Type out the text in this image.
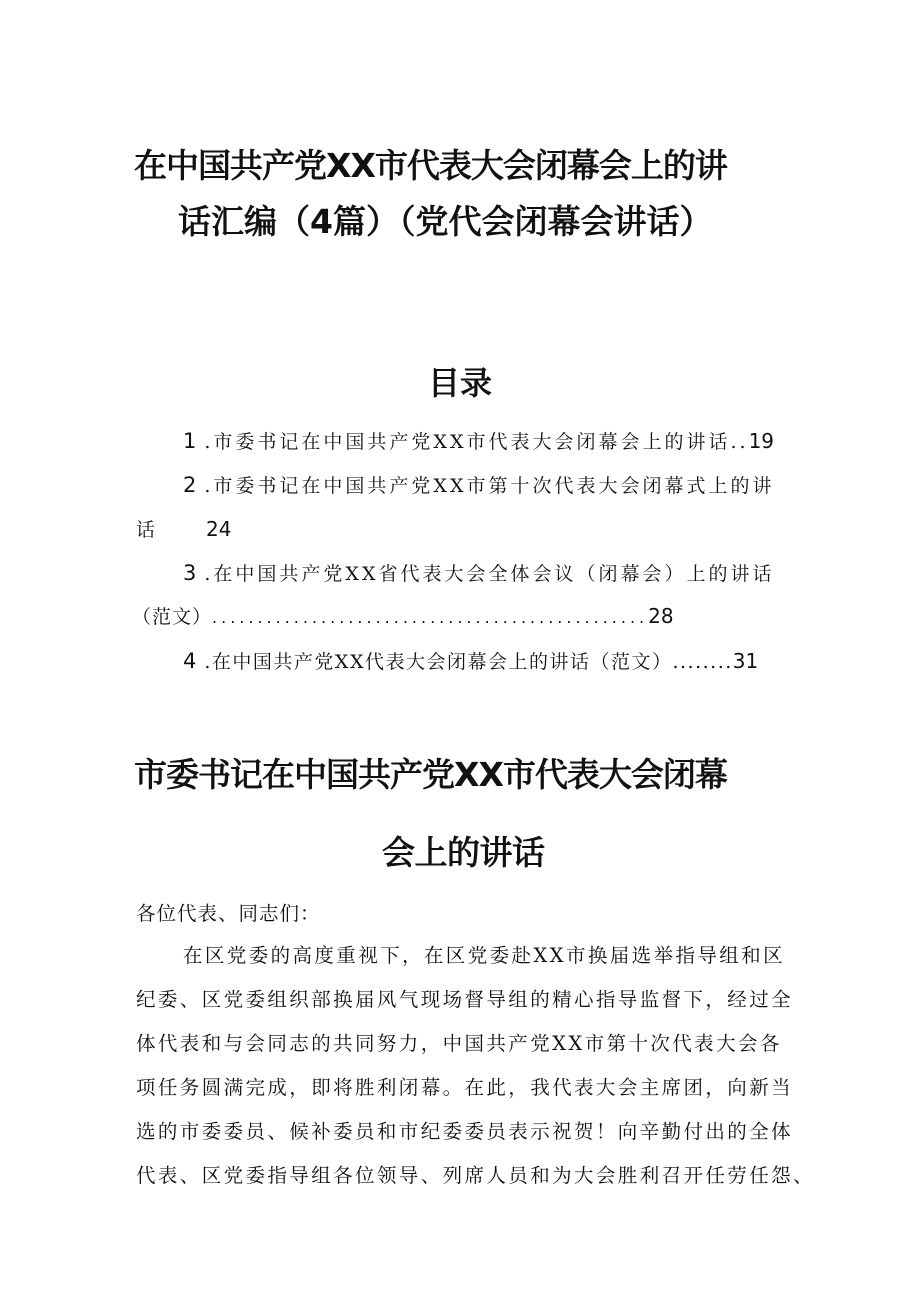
在中国共产党XX市代表大会闭幕会上的讲
话汇编（4篇）（党代会闭幕会讲话）
目录
1 .市委书记在中国共产党XX市代表大会闭幕会上的讲话..19
2 .市委书记在中国共产党XX市第十次代表大会闭幕式上的讲
话 24
3 .在中国共产党XX省代表大会全体会议（闭幕会）上的讲话
（范文）................................................28
4 .在中国共产党XX代表大会闭幕会上的讲话（范文）........31
市委书记在中国共产党XX市代表大会闭幕
会上的讲话
各位代表、同志们：
在区党委的高度重视下，在区党委赴XX市换届选举指导组和区
纪委、区党委组织部换届风气现场督导组的精心指导监督下，经过全
体代表和与会同志的共同努力，中国共产党XX市第十次代表大会各
项任务圆满完成，即将胜利闭幕。在此，我代表大会主席团，向新当
选的市委委员、候补委员和市纪委委员表示祝贺！向辛勤付出的全体
代表、区党委指导组各位领导、列席人员和为大会胜利召开任劳任怨、
